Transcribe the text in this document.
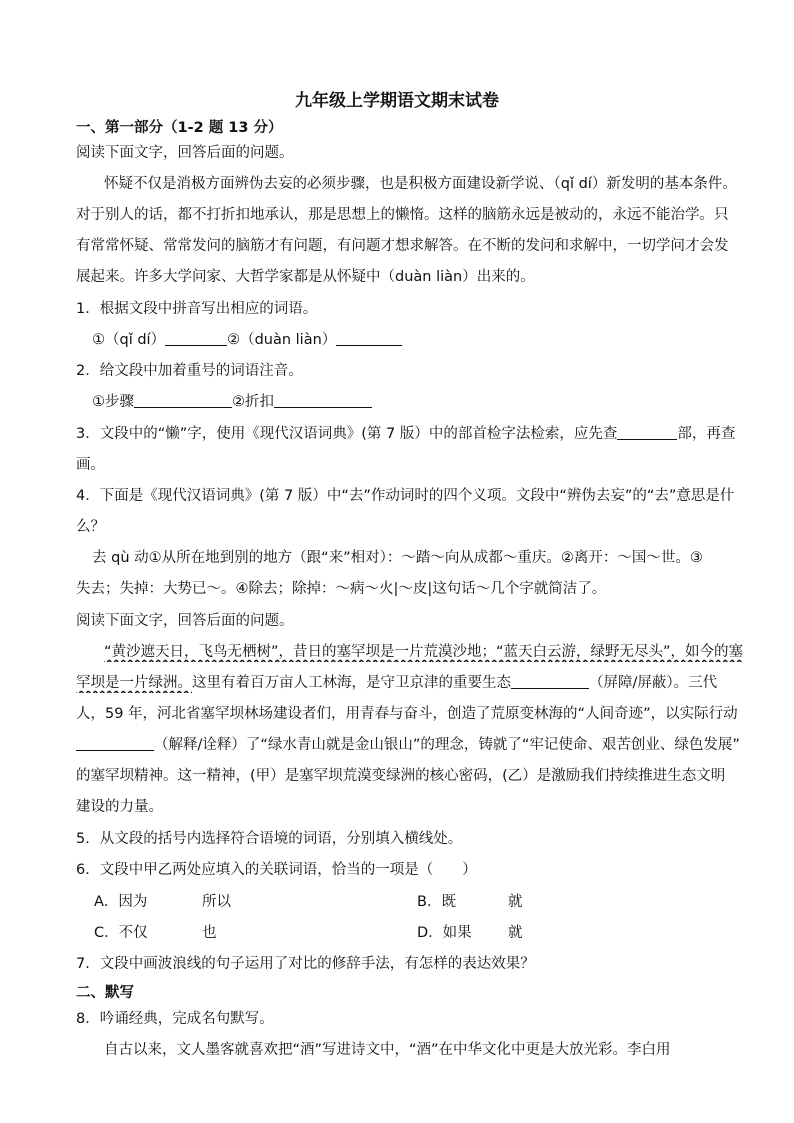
九年级上学期语文期末试卷
一、第一部分（1-2 题 13 分）
阅读下面文字，回答后面的问题。
怀疑不仅是消极方面辨伪去妄的必须步骤，也是积极方面建设新学说、（qǐ dí）新发明的基本条件。
对于别人的话，都不打折扣地承认，那是思想上的懒惰。这样的脑筋永远是被动的，永远不能治学。只
有常常怀疑、常常发问的脑筋才有问题，有问题才想求解答。在不断的发问和求解中，一切学问才会发
展起来。许多大学问家、大哲学家都是从怀疑中（duàn liàn）出来的。
1．根据文段中拼音写出相应的词语。
①（qǐ dí）	②（duàn liàn）
2．给文段中加着重号的词语注音。
①步骤	②折扣
3．文段中的“懒”字，使用《现代汉语词典》(第 7 版）中的部首检字法检索，应先查	部，再查
画。
4．下面是《现代汉语词典》(第 7 版）中“去”作动词时的四个义项。文段中“辨伪去妄”的“去”意思是什
么？
去 qù 动①从所在地到别的地方（跟“来”相对）：～踏～向从成都～重庆。②离开：～国～世。③
失去；失掉：大势已～。④除去；除掉：～病～火|～皮|这句话～几个字就简洁了。
阅读下面文字，回答后面的问题。
“黄沙遮天日，飞鸟无栖树”，昔日的塞罕坝是一片荒漠沙地；“蓝天白云游，绿野无尽头”，如今的塞
罕坝是一片绿洲。这里有着百万亩人工林海，是守卫京津的重要生态	（屏障/屏蔽）。三代
人，59 年，河北省塞罕坝林场建设者们，用青春与奋斗，创造了荒原变林海的“人间奇迹”，以实际行动
（解释/诠释）了“绿水青山就是金山银山”的理念，铸就了“牢记使命、艰苦创业、绿色发展”
的塞罕坝精神。这一精神，(甲）是塞罕坝荒漠变绿洲的核心密码，(乙）是激励我们持续推进生态文明
建设的力量。
5．从文段的括号内选择符合语境的词语，分别填入横线处。
6．文段中甲乙两处应填入的关联词语，恰当的一项是（　　）
A．因为	所以	B．既	就
C．不仅	也	D．如果	就
7．文段中画波浪线的句子运用了对比的修辞手法，有怎样的表达效果？
二、默写
8．吟诵经典，完成名句默写。
自古以来，文人墨客就喜欢把“酒”写进诗文中，“酒”在中华文化中更是大放光彩。李白用
